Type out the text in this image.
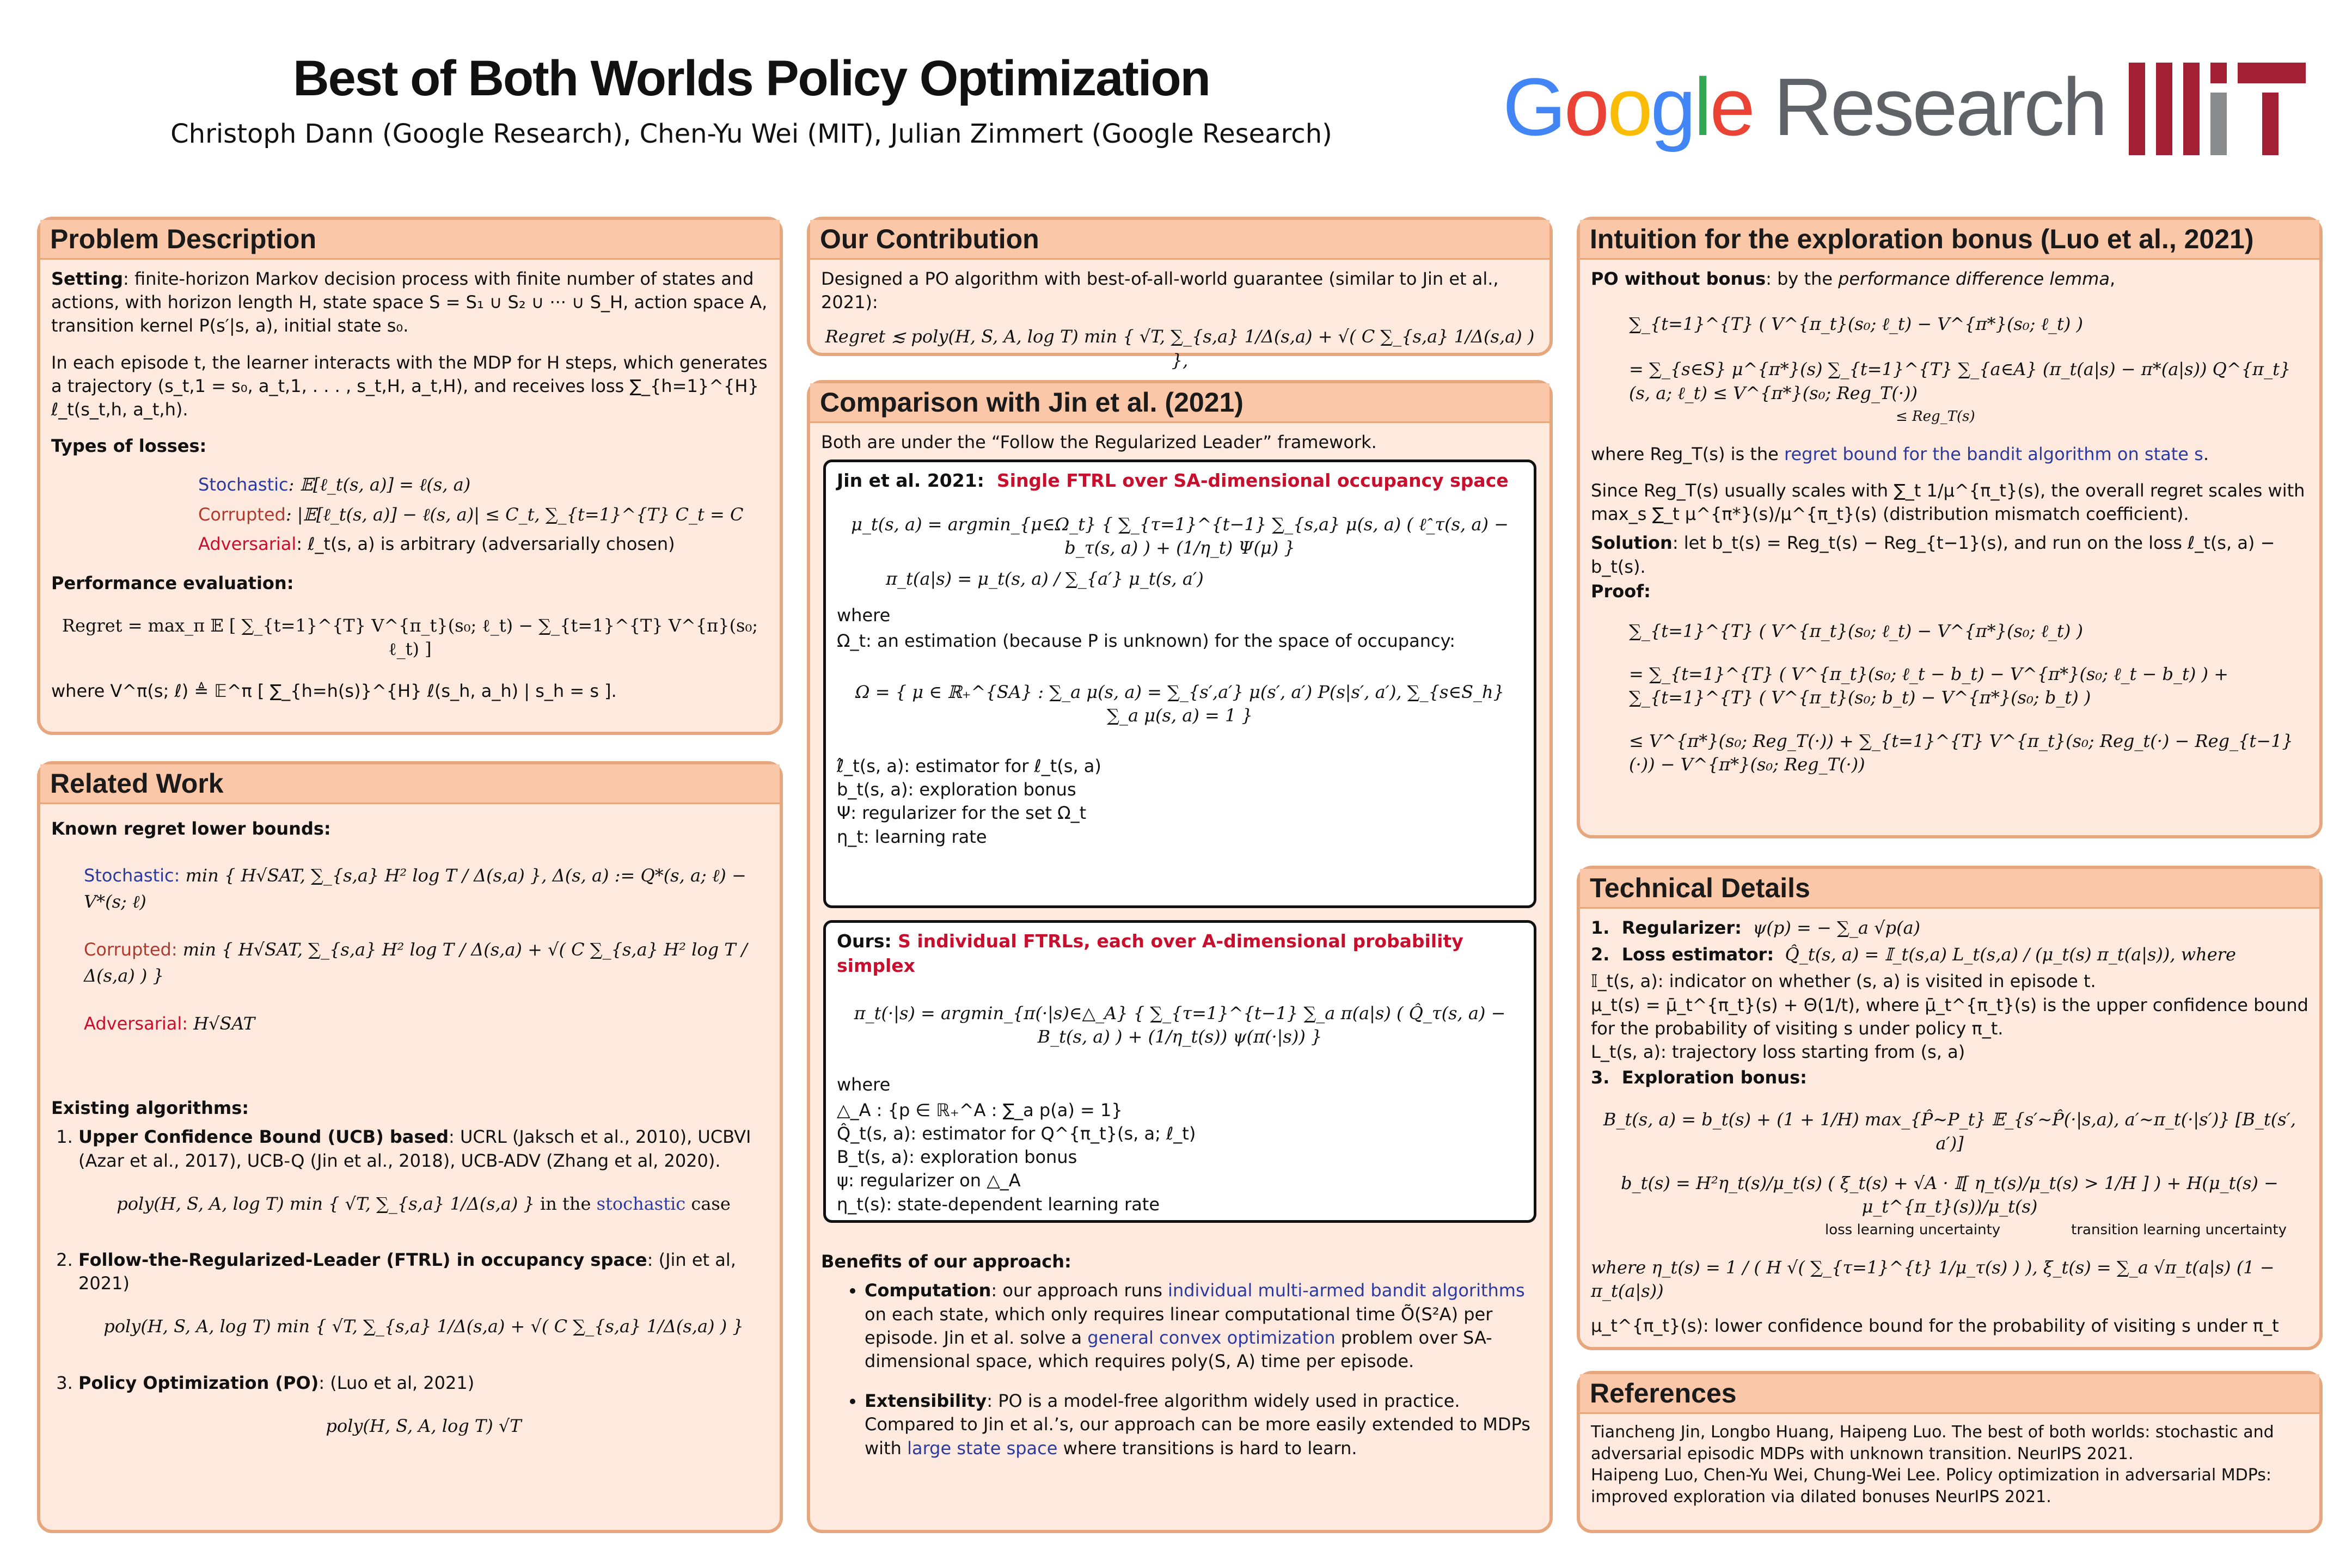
Best of Both Worlds Policy Optimization
Christoph Dann (Google Research), Chen-Yu Wei (MIT), Julian Zimmert (Google Research)	Google Research
Problem Description

Setting: finite-horizon Markov decision process with finite number of states and actions, with horizon length H, state space S = S₁ ∪ S₂ ∪ ··· ∪ S_H, action space A, transition kernel P(s′|s, a), initial state s₀.

In each episode t, the learner interacts with the MDP for H steps, which generates a trajectory (s_t,1 = s₀, a_t,1, . . . , s_t,H, a_t,H), and receives loss ∑_{h=1}^{H} ℓ_t(s_t,h, a_t,h).

Types of losses:

Stochastic: 𝔼[ℓ_t(s, a)] = ℓ(s, a)
Corrupted: |𝔼[ℓ_t(s, a)] − ℓ(s, a)| ≤ C_t, ∑_{t=1}^{T} C_t = C
Adversarial: ℓ_t(s, a) is arbitrary (adversarially chosen)

Performance evaluation:

Regret = max_π 𝔼 [ ∑_{t=1}^{T} V^{π_t}(s₀; ℓ_t) − ∑_{t=1}^{T} V^{π}(s₀; ℓ_t) ]

where V^π(s; ℓ) ≜ 𝔼^π [ ∑_{h=h(s)}^{H} ℓ(s_h, a_h) | s_h = s ].

Related Work

Known regret lower bounds:

Stochastic: min { H√SAT, ∑_{s,a} H² log T / Δ(s,a) }, Δ(s, a) := Q*(s, a; ℓ) − V*(s; ℓ)
Corrupted: min { H√SAT, ∑_{s,a} H² log T / Δ(s,a) + √( C ∑_{s,a} H² log T / Δ(s,a) ) }
Adversarial: H√SAT

Existing algorithms:

1. Upper Confidence Bound (UCB) based: UCRL (Jaksch et al., 2010), UCBVI (Azar et al., 2017), UCB-Q (Jin et al., 2018), UCB-ADV (Zhang et al, 2020).
poly(H, S, A, log T) min { √T, ∑_{s,a} 1/Δ(s,a) } in the stochastic case
2. Follow-the-Regularized-Leader (FTRL) in occupancy space: (Jin et al, 2021)
poly(H, S, A, log T) min { √T, ∑_{s,a} 1/Δ(s,a) + √( C ∑_{s,a} 1/Δ(s,a) ) }
3. Policy Optimization (PO): (Luo et al, 2021)
poly(H, S, A, log T) √T
Our Contribution

Designed a PO algorithm with best-of-all-world guarantee (similar to Jin et al., 2021):

Regret ≲ poly(H, S, A, log T) min { √T, ∑_{s,a} 1/Δ(s,a) + √( C ∑_{s,a} 1/Δ(s,a) ) },
Comparison with Jin et al. (2021)

Both are under the “Follow the Regularized Leader” framework.

Jin et al. 2021: Single FTRL over SA-dimensional occupancy space
μ_t(s, a) = argmin_{μ∈Ω_t} { ∑_{τ=1}^{t−1} ∑_{s,a} μ(s, a) ( ℓ̂_τ(s, a) − b_τ(s, a) ) + (1/η_t) Ψ(μ) }
π_t(a|s) = μ_t(s, a) / ∑_{a′} μ_t(s, a′)

where

Ω_t: an estimation (because P is unknown) for the space of occupancy:

Ω = { μ ∈ ℝ₊^{SA} : ∑_a μ(s, a) = ∑_{s′,a′} μ(s′, a′) P(s|s′, a′), ∑_{s∈S_h} ∑_a μ(s, a) = 1 }
ℓ̂_t(s, a): estimator for ℓ_t(s, a)
b_t(s, a): exploration bonus
Ψ: regularizer for the set Ω_t
η_t: learning rate
Ours: S individual FTRLs, each over A-dimensional probability simplex
π_t(·|s) = argmin_{π(·|s)∈△_A} { ∑_{τ=1}^{t−1} ∑_a π(a|s) ( Q̂_τ(s, a) − B_t(s, a) ) + (1/η_t(s)) ψ(π(·|s)) }

where

△_A : {p ∈ ℝ₊^A : ∑_a p(a) = 1}
Q̂_t(s, a): estimator for Q^{π_t}(s, a; ℓ_t)
B_t(s, a): exploration bonus
ψ: regularizer on △_A
η_t(s): state-dependent learning rate

Benefits of our approach:

• Computation: our approach runs individual multi-armed bandit algorithms on each state, which only requires linear computational time Õ(S²A) per episode. Jin et al. solve a general convex optimization problem over SA-dimensional space, which requires poly(S, A) time per episode.
• Extensibility: PO is a model-free algorithm widely used in practice. Compared to Jin et al.’s, our approach can be more easily extended to MDPs with large state space where transitions is hard to learn.
Intuition for the exploration bonus (Luo et al., 2021)

PO without bonus: by the performance difference lemma,

∑_{t=1}^{T} ( V^{π_t}(s₀; ℓ_t) − V^{π*}(s₀; ℓ_t) )
= ∑_{s∈S} μ^{π*}(s) ∑_{t=1}^{T} ∑_{a∈A} (π_t(a|s) − π*(a|s)) Q^{π_t}(s, a; ℓ_t) ≤ V^{π*}(s₀; Reg_T(·))
≤ Reg_T(s)

where Reg_T(s) is the regret bound for the bandit algorithm on state s.

Since Reg_T(s) usually scales with ∑_t 1/μ^{π_t}(s), the overall regret scales with max_s ∑_t μ^{π*}(s)/μ^{π_t}(s) (distribution mismatch coefficient).

Solution: let b_t(s) = Reg_t(s) − Reg_{t−1}(s), and run on the loss ℓ_t(s, a) − b_t(s).

Proof:

∑_{t=1}^{T} ( V^{π_t}(s₀; ℓ_t) − V^{π*}(s₀; ℓ_t) )
= ∑_{t=1}^{T} ( V^{π_t}(s₀; ℓ_t − b_t) − V^{π*}(s₀; ℓ_t − b_t) ) + ∑_{t=1}^{T} ( V^{π_t}(s₀; b_t) − V^{π*}(s₀; b_t) )
≤ V^{π*}(s₀; Reg_T(·)) + ∑_{t=1}^{T} V^{π_t}(s₀; Reg_t(·) − Reg_{t−1}(·)) − V^{π*}(s₀; Reg_T(·))
Technical Details
1.  Regularizer: ψ(p) = − ∑_a √p(a)
2.  Loss estimator: Q̂_t(s, a) = 𝕀_t(s,a) L_t(s,a) / (μ_t(s) π_t(a|s)), where
𝕀_t(s, a): indicator on whether (s, a) is visited in episode t.
μ_t(s) = μ̄_t^{π_t}(s) + Θ(1/t), where μ̄_t^{π_t}(s) is the upper confidence bound for the probability of visiting s under policy π_t.
L_t(s, a): trajectory loss starting from (s, a)
3.  Exploration bonus:
B_t(s, a) = b_t(s) + (1 + 1/H) max_{P̂∼P_t} 𝔼_{s′∼P̂(·|s,a), a′∼π_t(·|s′)} [B_t(s′, a′)]
b_t(s) = H²η_t(s)/μ_t(s) ( ξ_t(s) + √A · 𝕀[ η_t(s)/μ_t(s) > 1/H ] ) + H(μ_t(s) − μ_t^{π_t}(s))/μ_t(s)
loss learning uncertainty	transition learning uncertainty
where η_t(s) = 1 / ( H √( ∑_{τ=1}^{t} 1/μ_τ(s) ) ), ξ_t(s) = ∑_a √π_t(a|s) (1 − π_t(a|s))
μ_t^{π_t}(s): lower confidence bound for the probability of visiting s under π_t
References
Tiancheng Jin, Longbo Huang, Haipeng Luo. The best of both worlds: stochastic and adversarial episodic MDPs with unknown transition. NeurIPS 2021.
Haipeng Luo, Chen-Yu Wei, Chung-Wei Lee. Policy optimization in adversarial MDPs: improved exploration via dilated bonuses NeurIPS 2021.
